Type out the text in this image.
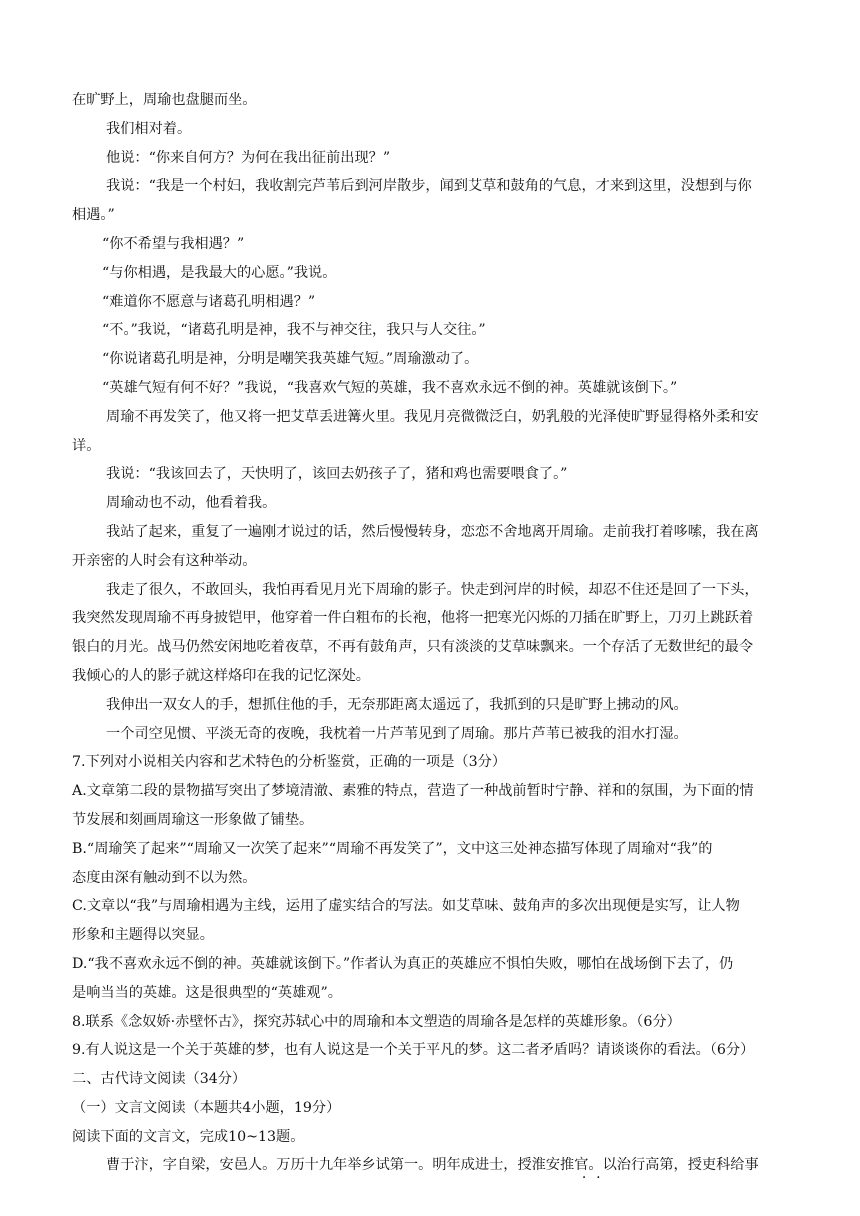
在旷野上，周瑜也盘腿而坐。

我们相对着。

他说：“你来自何方？为何在我出征前出现？”

我说：“我是一个村妇，我收割完芦苇后到河岸散步，闻到艾草和鼓角的气息，才来到这里，没想到与你

相遇。”

“你不希望与我相遇？”

“与你相遇，是我最大的心愿。”我说。

“难道你不愿意与诸葛孔明相遇？”

“不。”我说，“诸葛孔明是神，我不与神交往，我只与人交往。”

“你说诸葛孔明是神，分明是嘲笑我英雄气短。”周瑜激动了。

“英雄气短有何不好？”我说，“我喜欢气短的英雄，我不喜欢永远不倒的神。英雄就该倒下。”

周瑜不再发笑了，他又将一把艾草丢进篝火里。我见月亮微微泛白，奶乳般的光泽使旷野显得格外柔和安

详。

我说：“我该回去了，天快明了，该回去奶孩子了，猪和鸡也需要喂食了。”

周瑜动也不动，他看着我。

我站了起来，重复了一遍刚才说过的话，然后慢慢转身，恋恋不舍地离开周瑜。走前我打着哆嗦，我在离

开亲密的人时会有这种举动。

我走了很久，不敢回头，我怕再看见月光下周瑜的影子。快走到河岸的时候，却忍不住还是回了一下头，

我突然发现周瑜不再身披铠甲，他穿着一件白粗布的长袍，他将一把寒光闪烁的刀插在旷野上，刀刃上跳跃着

银白的月光。战马仍然安闲地吃着夜草，不再有鼓角声，只有淡淡的艾草味飘来。一个存活了无数世纪的最令

我倾心的人的影子就这样烙印在我的记忆深处。

我伸出一双女人的手，想抓住他的手，无奈那距离太遥远了，我抓到的只是旷野上拂动的风。

一个司空见惯、平淡无奇的夜晚，我枕着一片芦苇见到了周瑜。那片芦苇已被我的泪水打湿。

7.下列对小说相关内容和艺术特色的分析鉴赏，正确的一项是（3分）

A.文章第二段的景物描写突出了梦境清澈、素雅的特点，营造了一种战前暂时宁静、祥和的氛围，为下面的情

节发展和刻画周瑜这一形象做了铺垫。

B.“周瑜笑了起来”“周瑜又一次笑了起来”“周瑜不再发笑了”，文中这三处神态描写体现了周瑜对“我”的

态度由深有触动到不以为然。

C.文章以“我”与周瑜相遇为主线，运用了虚实结合的写法。如艾草味、鼓角声的多次出现便是实写，让人物

形象和主题得以突显。

D.“我不喜欢永远不倒的神。英雄就该倒下。”作者认为真正的英雄应不惧怕失败，哪怕在战场倒下去了，仍

是响当当的英雄。这是很典型的“英雄观”。

8.联系《念奴娇·赤壁怀古》，探究苏轼心中的周瑜和本文塑造的周瑜各是怎样的英雄形象。（6分）

9.有人说这是一个关于英雄的梦，也有人说这是一个关于平凡的梦。这二者矛盾吗？请谈谈你的看法。（6分）

二、古代诗文阅读（34分）

（一）文言文阅读（本题共4小题，19分）

阅读下面的文言文，完成10~13题。

曹于汴，字自梁，安邑人。万历十九年举乡试第一。明年成进士，授淮安推官。以治行高第，授吏科给事
